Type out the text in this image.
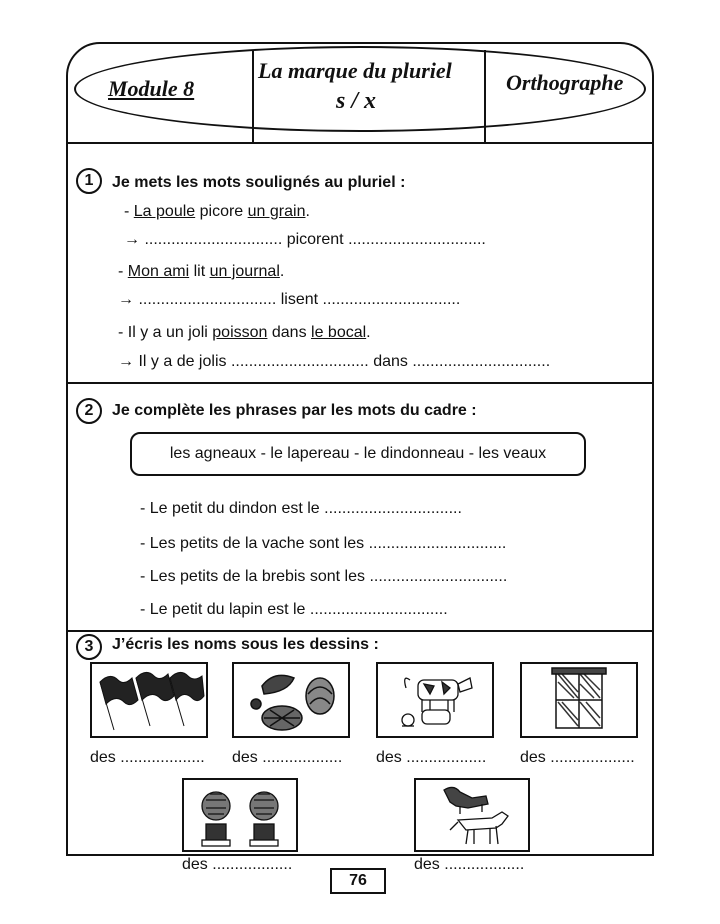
Module 8
La marque du pluriel
s / x
Orthographe
1	Je mets les mots soulignés au pluriel :
- La poule picore un grain.
→ ............................... picorent ...............................
- Mon ami lit un journal.
→ ............................... lisent ...............................
- Il y a un joli poisson dans le bocal.
→ Il y a de jolis ............................... dans ...............................
2	Je complète les phrases par les mots du cadre :
les agneaux - le lapereau - le dindonneau - les veaux
- Le petit du dindon est le ...............................
- Les petits de la vache sont les ...............................
- Les petits de la brebis sont les ...............................
- Le petit du lapin est le ...............................
3	J’écris les noms sous les dessins :
des ................... des .................. des .................. des ...................
des ..................	des ..................
76
